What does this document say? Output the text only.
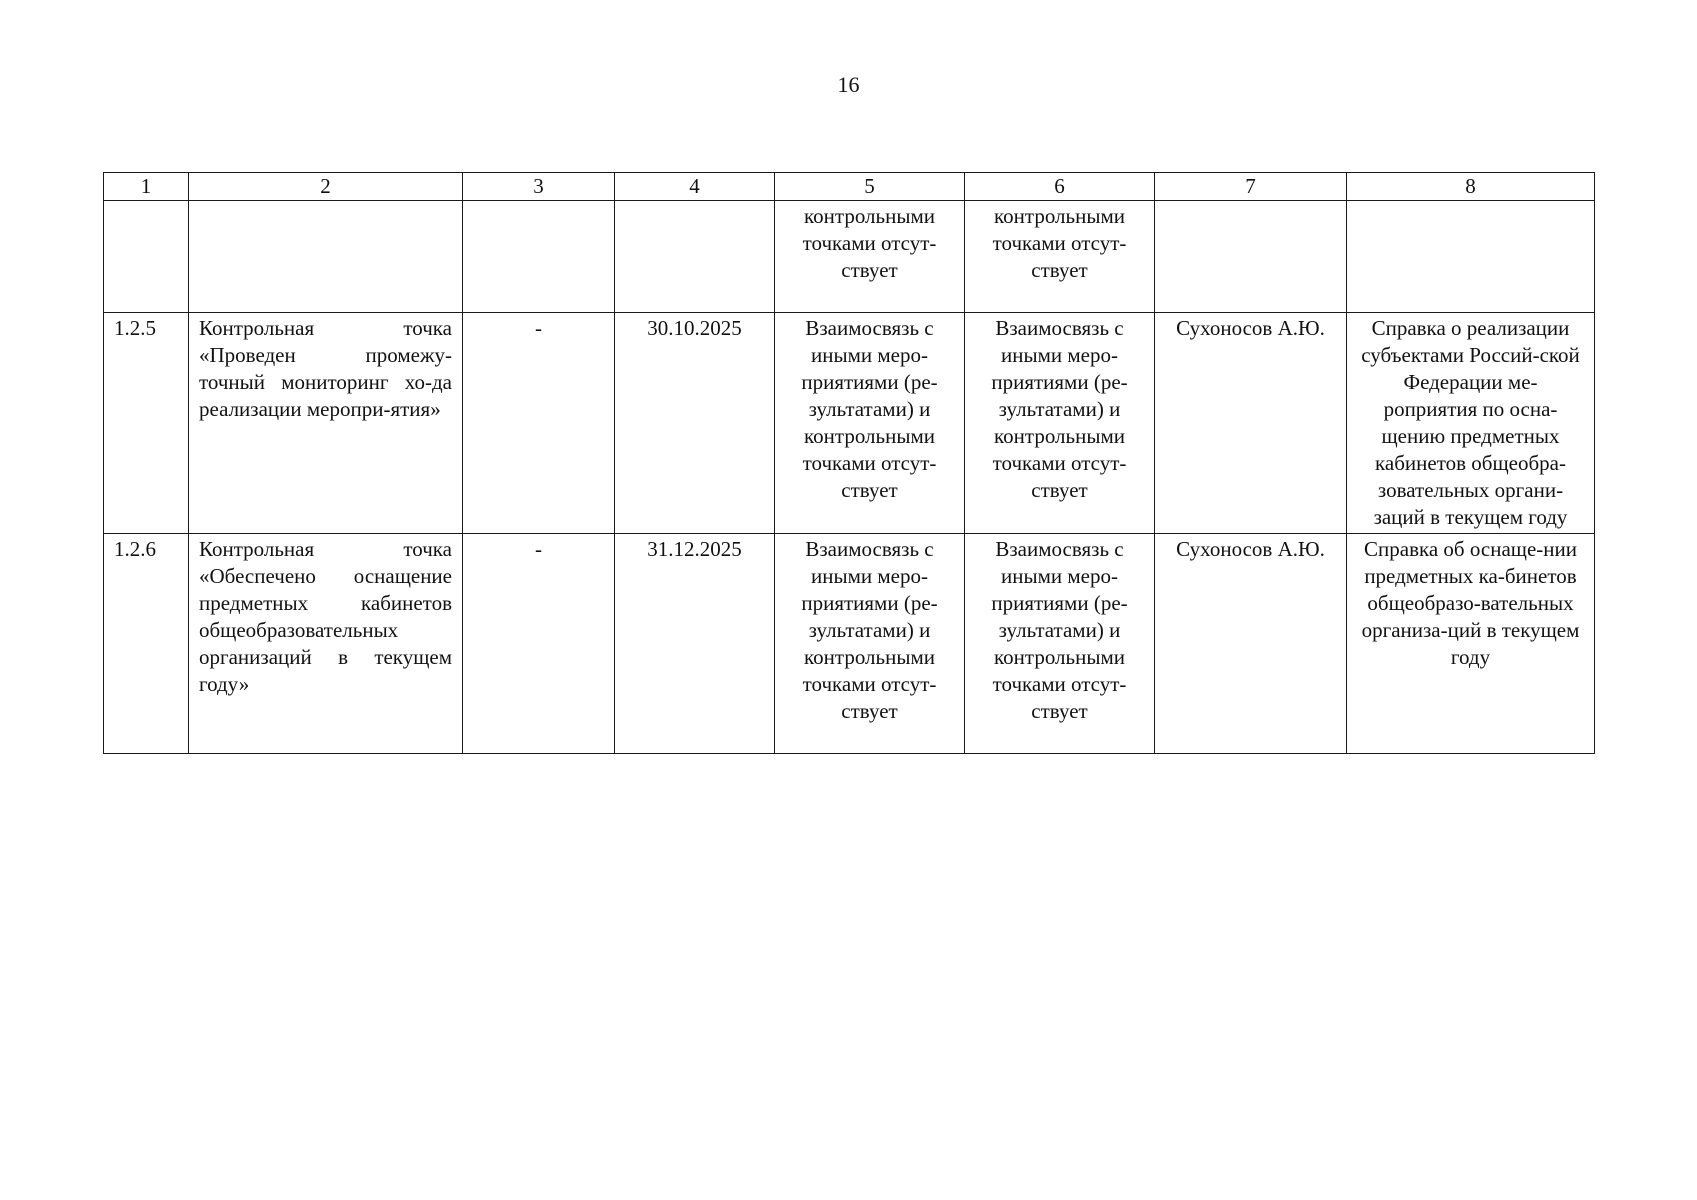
16
1	2	3	4	5	6	7	8
				контрольными точками отсут-ствует	контрольными точками отсут-ствует		
1.2.5	Контрольная точка «Проведен промежу-точный мониторинг хо-да реализации меропри-ятия»	-	30.10.2025	Взаимосвязь с иными меро-приятиями (ре-зультатами) и контрольными точками отсут-ствует	Взаимосвязь с иными меро-приятиями (ре-зультатами) и контрольными точками отсут-ствует	Сухоносов А.Ю.	Справка о реализации субъектами Россий-ской Федерации ме-роприятия по осна-щению предметных кабинетов общеобра-зовательных органи-заций в текущем году
1.2.6	Контрольная точка «Обеспечено оснащение предметных кабинетов общеобразовательных организаций в текущем году»	-	31.12.2025	Взаимосвязь с иными меро-приятиями (ре-зультатами) и контрольными точками отсут-ствует	Взаимосвязь с иными меро-приятиями (ре-зультатами) и контрольными точками отсут-ствует	Сухоносов А.Ю.	Справка об оснаще-нии предметных ка-бинетов общеобразо-вательных организа-ций в текущем году
